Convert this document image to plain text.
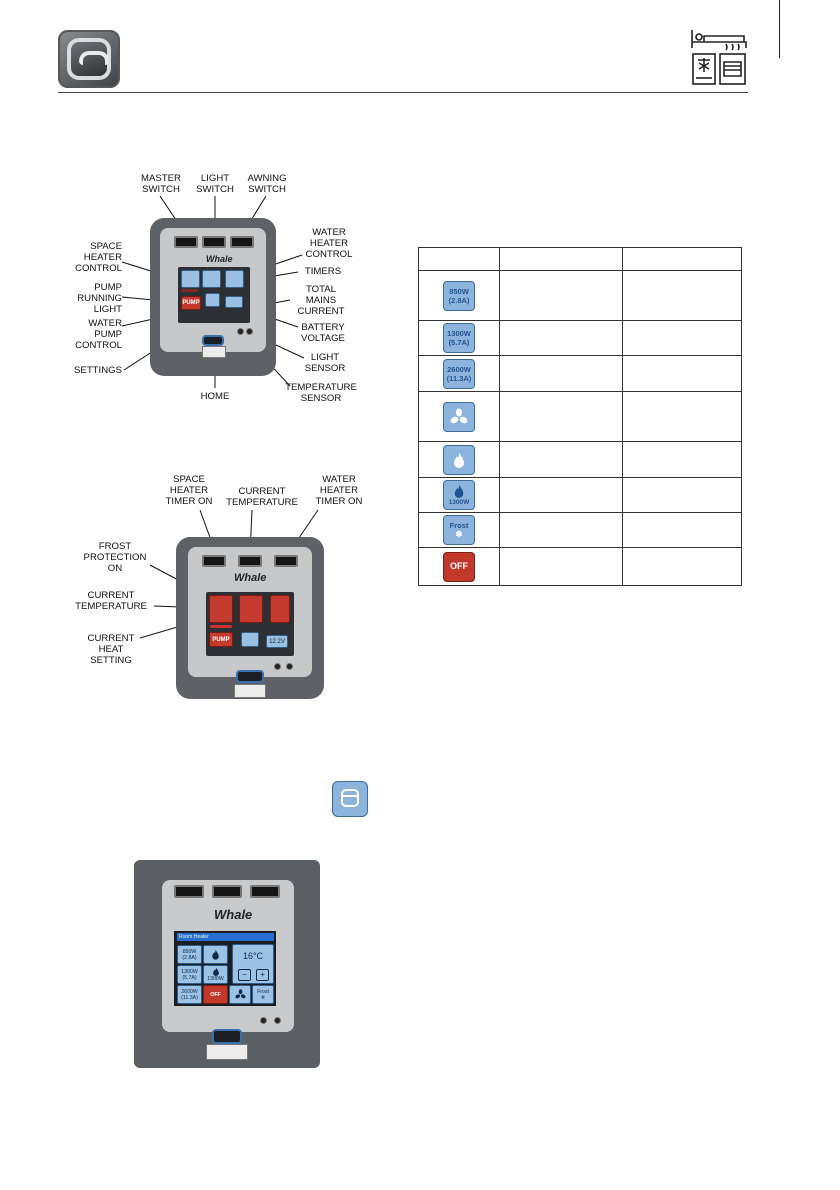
MASTER
SWITCH
LIGHT
SWITCH
AWNING
SWITCH
SPACE
HEATER
CONTROL
WATER
HEATER
CONTROL
TIMERS
PUMP
RUNNING
LIGHT
TOTAL
MAINS
CURRENT
WATER
PUMP
CONTROL
BATTERY
VOLTAGE
SETTINGS
LIGHT
SENSOR
TEMPERATURE
SENSOR
HOME
Whale
PUMP
SPACE
HEATER
TIMER ON
CURRENT
TEMPERATURE
WATER
HEATER
TIMER ON
FROST
PROTECTION
ON
CURRENT
TEMPERATURE
CURRENT
HEAT
SETTING
Whale
PUMP	12.2V

850W
(2.8A)		
1300W
(5.7A)		
2600W
(11.3A)		

1300W		

Frost
❄		

OFF		
Whale
Room Heater
850W
(2.8A)
1300W
(5.7A)	1300W
2600W
(11.3A)	OFF	Frost
❄
16°C
−	+
